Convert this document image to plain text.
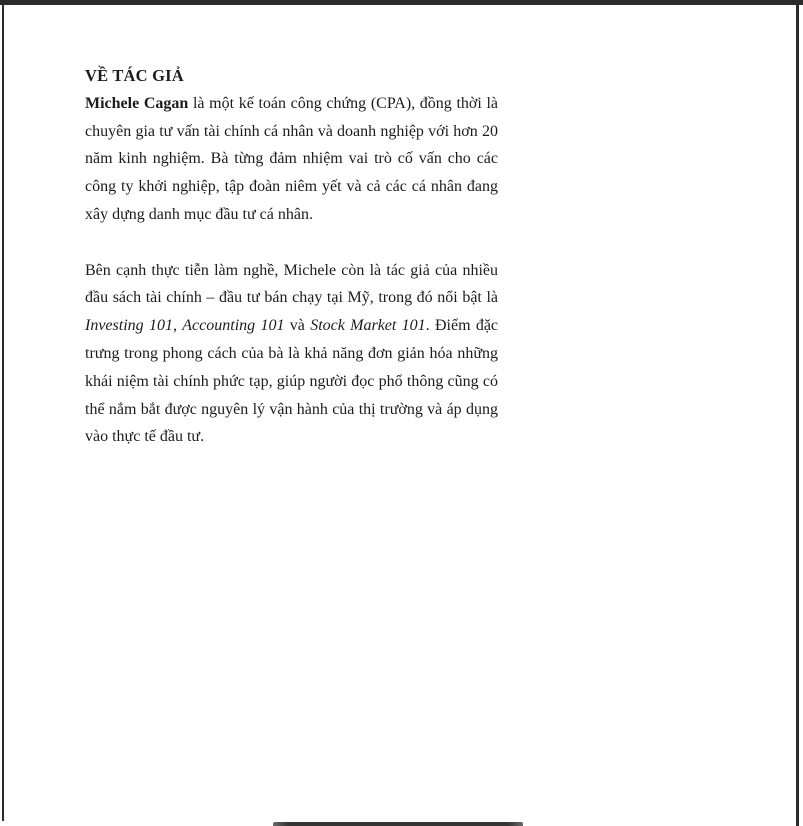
VỀ TÁC GIẢ

Michele Cagan là một kế toán công chứng (CPA), đồng thời là chuyên gia tư vấn tài chính cá nhân và doanh nghiệp với hơn 20 năm kinh nghiệm. Bà từng đảm nhiệm vai trò cố vấn cho các công ty khởi nghiệp, tập đoàn niêm yết và cả các cá nhân đang xây dựng danh mục đầu tư cá nhân.

Bên cạnh thực tiễn làm nghề, Michele còn là tác giả của nhiều đầu sách tài chính – đầu tư bán chạy tại Mỹ, trong đó nổi bật là Investing 101, Accounting 101 và Stock Market 101. Điểm đặc trưng trong phong cách của bà là khả năng đơn giản hóa những khái niệm tài chính phức tạp, giúp người đọc phổ thông cũng có thể nắm bắt được nguyên lý vận hành của thị trường và áp dụng vào thực tế đầu tư.
